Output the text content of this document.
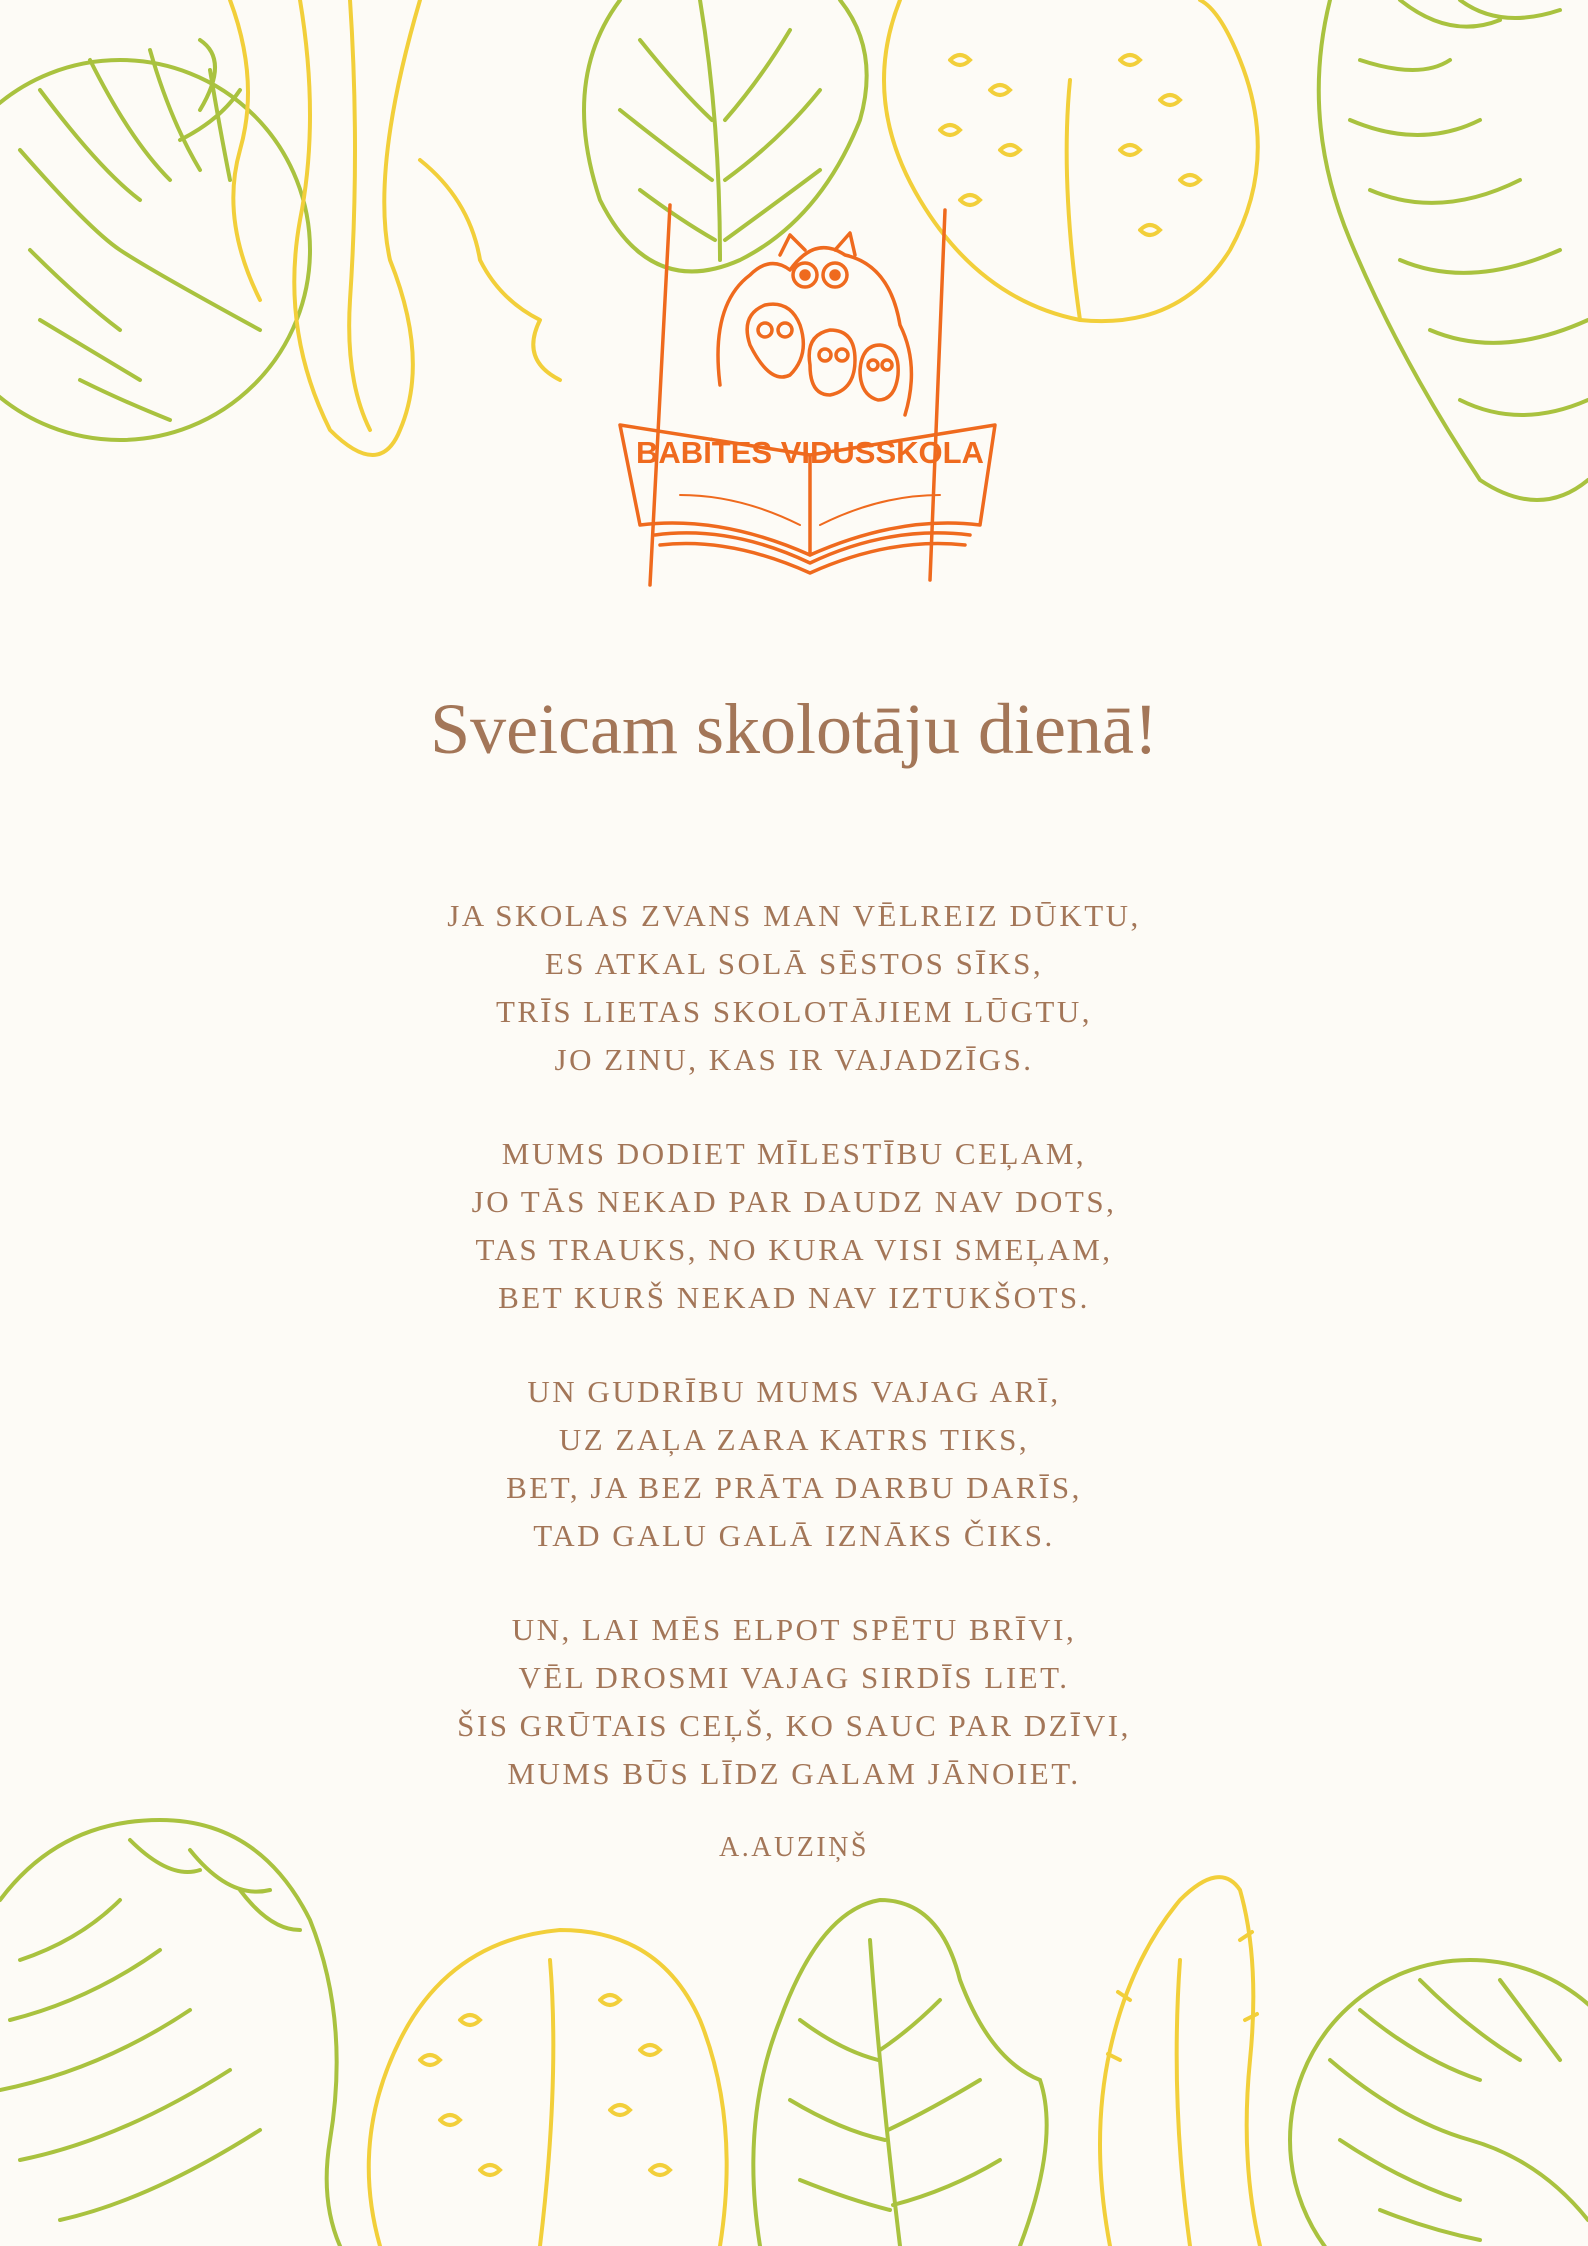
BABĪTES VIDUSSKOLA
Sveicam skolotāju dienā!
JA SKOLAS ZVANS MAN VĒLREIZ DŪKTU,
ES ATKAL SOLĀ SĒSTOS SĪKS,
TRĪS LIETAS SKOLOTĀJIEM LŪGTU,
JO ZINU, KAS IR VAJADZĪGS.
MUMS DODIET MĪLESTĪBU CEĻAM,
JO TĀS NEKAD PAR DAUDZ NAV DOTS,
TAS TRAUKS, NO KURA VISI SMEĻAM,
BET KURŠ NEKAD NAV IZTUKŠOTS.
UN GUDRĪBU MUMS VAJAG ARĪ,
UZ ZAĻA ZARA KATRS TIKS,
BET, JA BEZ PRĀTA DARBU DARĪS,
TAD GALU GALĀ IZNĀKS ČIKS.
UN, LAI MĒS ELPOT SPĒTU BRĪVI,
VĒL DROSMI VAJAG SIRDĪS LIET.
ŠIS GRŪTAIS CEĻŠ, KO SAUC PAR DZĪVI,
MUMS BŪS LĪDZ GALAM JĀNOIET.
A.AUZIŅŠ
